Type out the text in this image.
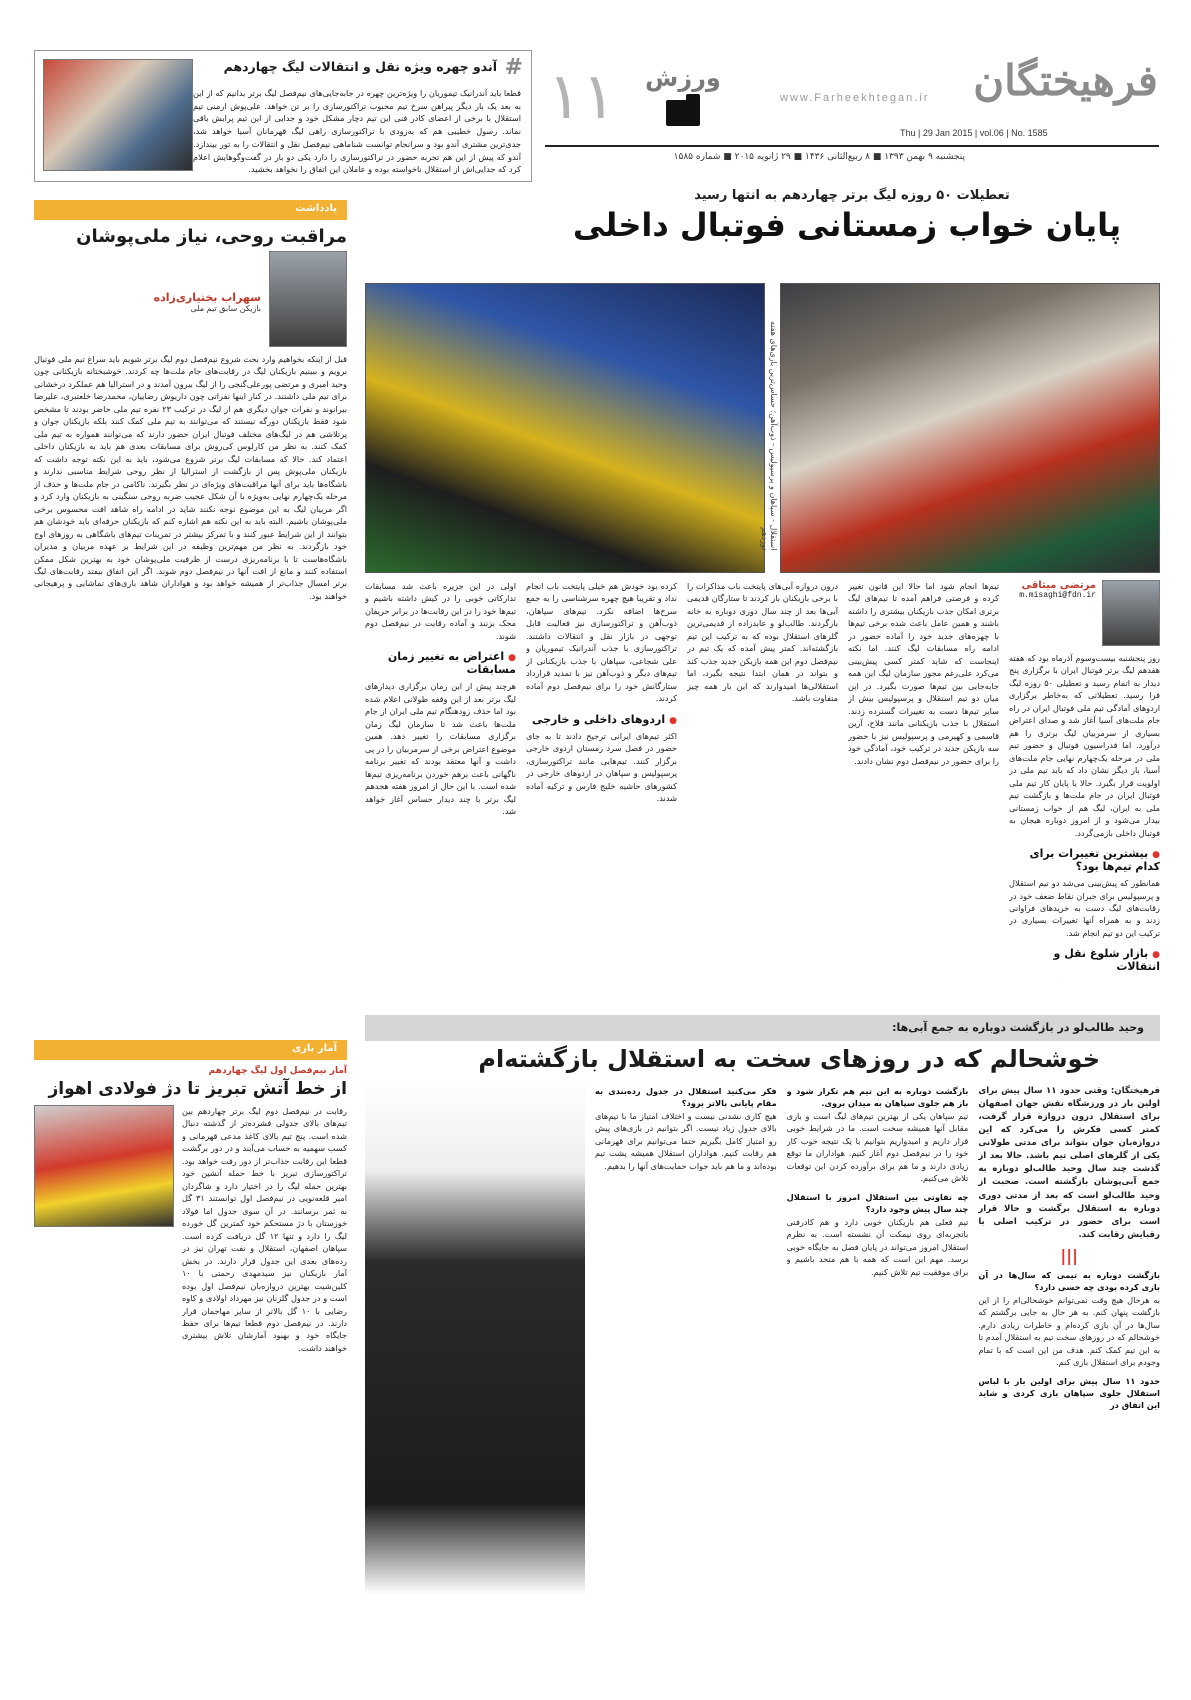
فرهیختگان
www.Farheekhtegan.ir
ورزش
۱۱	Thu | 29 Jan 2015 | vol.06 | No. 1585
پنجشنبه ۹ بهمن ۱۳۹۳ ■ ۸ ربیع‌الثانی ۱۴۳۶ ■ ۲۹ ژانویه ۲۰۱۵ ■ شماره ۱۵۸۵
#
آندو چهره ویژه نقل و انتقالات لیگ چهاردهم
قطعا باید آندرانیک تیموریان را ویژه‌ترین چهره در جابه‌جایی‌های نیم‌فصل لیگ برتر بدانیم که از این به بعد یک بار دیگر پیراهن سرخ تیم محبوب تراکتورسازی را بر تن خواهد. علی‌پوش ارمنی تیم استقلال با برخی از اعضای کادر فنی این تیم دچار مشکل خود و جدایی از این تیم پرابش باقی نماند. رسول خطیبی هم که به‌زودی با تراکتورسازی راهی لیگ قهرمانان آسیا خواهد شد، جدی‌ترین مشتری آندو بود و سرانجام توانست شناماهی نیم‌فصل نقل و انتقالات را به تور بیندازد. آندو که پیش از این هم تجربه حضور در تراکتورسازی را دارد یکی دو بار در گفت‌وگوهایش اعلام کرد که جدایی‌اش از استقلال ناخواسته بوده و عاملان این اتفاق را نخواهد بخشید.
تعطیلات ۵۰ روزه لیگ برتر چهاردهم به انتها رسید
پایان خواب زمستانی فوتبال داخلی
استقلال - سپاهان و پرسپولیس - ذوب‌آهن؛ حساس‌ترین بازی‌های هفته نوزدهم
مرتضی میثاقی
m.misaghi@fdn.ir
روز پنجشنبه بیست‌وسوم آذرماه بود که هفته هفدهم لیگ برتر فوتبال ایران با برگزاری پنج دیدار به اتمام رسید و تعطیلی ۵۰ روزه لیگ فرا رسید. تعطیلاتی که به‌خاطر برگزاری اردوهای آمادگی تیم ملی فوتبال ایران در راه جام ملت‌های آسیا آغاز شد و صدای اعتراض بسیاری از سرمربیان لیگ برتری را هم درآورد. اما فدراسیون فوتبال و حضور تیم ملی در مرحله یک‌چهارم نهایی جام ملت‌های آسیا، بار دیگر نشان داد که باید تیم ملی در اولویت قرار بگیرد. حالا با پایان کار تیم ملی فوتبال ایران در جام ملت‌ها و بازگشت تیم ملی به ایران، لیگ هم از خواب زمستانی بیدار می‌شود و از امروز دوباره هیجان به فوتبال داخلی بازمی‌گردد.
● بیشترین تغییرات برای کدام تیم‌ها بود؟
همانطور که پیش‌بینی می‌شد دو تیم استقلال و پرسپولیس برای جبران نقاط ضعف خود در رقابت‌های لیگ دست به خریدهای فراوانی زدند و به همراه آنها تغییرات بسیاری در ترکیب این دو تیم انجام شد.
● بازار شلوغ نقل و انتقالات
تیم‌ها انجام شود اما حالا این قانون تغییر کرده و فرصتی فراهم آمده تا تیم‌های لیگ برتری امکان جذب بازیکنان بیشتری را داشته باشند و همین عامل باعث شده برخی تیم‌ها با چهره‌های جدید خود را آماده حضور در ادامه راه مسابقات لیگ کنند. اما نکته اینجاست که شاید کمتر کسی پیش‌بینی می‌کرد علی‌رغم مجوز سازمان لیگ این همه جابه‌جایی بین تیم‌ها صورت بگیرد. در این میان دو تیم استقلال و پرسپولیس بیش از سایر تیم‌ها دست به تغییرات گسترده زدند. استقلال با جذب بازیکنانی مانند فلاح، آرین قاسمی و کهیرمی و پرسپولیس نیز با حضور سه بازیکن جدید در ترکیب خود، آمادگی خود را برای حضور در نیم‌فصل دوم نشان دادند.
درون دروازه آبی‌های پایتخت باب مذاکرات را با برخی بازیکنان باز کردند تا ستارگان قدیمی آبی‌ها بعد از چند سال دوری دوباره به خانه بازگردند. طالب‌لو و عابدزاده از قدیمی‌ترین گلرهای استقلال بوده که به ترکیب این تیم بازگشته‌اند. کمتر پیش آمده که یک تیم در نیم‌فصل دوم این همه بازیکن جدید جذب کند و بتواند در همان ابتدا نتیجه بگیرد، اما استقلالی‌ها امیدوارند که این بار همه چیز متفاوت باشد.
کرده بود خودش هم خیلی پایتخت باب انجام نداد و تقریبا هیچ چهره سرشناسی را به جمع سرخ‌ها اضافه نکرد. تیم‌های سپاهان، ذوب‌آهن و تراکتورسازی نیز فعالیت قابل توجهی در بازار نقل و انتقالات داشتند. تراکتورسازی با جذب آندرانیک تیموریان و علی شجاعی، سپاهان با جذب بازیکنانی از تیم‌های دیگر و ذوب‌آهن نیز با تمدید قرارداد ستارگانش خود را برای نیم‌فصل دوم آماده کردند.
● اردوهای داخلی و خارجی
اکثر تیم‌های ایرانی ترجیح دادند تا به جای حضور در فصل سرد زمستان اردوی خارجی برگزار کنند. تیم‌هایی مانند تراکتورسازی، پرسپولیس و سپاهان در اردوهای خارجی در کشورهای حاشیه خلیج فارس و ترکیه آماده شدند.
اولی در این جزیره باعث شد مسابقات تدارکاتی خوبی را در کیش داشته باشیم و تیم‌ها خود را در این رقابت‌ها در برابر حریفان محک بزنند و آماده رقابت در نیم‌فصل دوم شوند.
● اعتراض به تغییر زمان مسابقات
هرچند پیش از این زمان برگزاری دیدارهای لیگ برتر بعد از این وقفه طولانی اعلام شده بود اما حذف زودهنگام تیم ملی ایران از جام ملت‌ها باعث شد تا سازمان لیگ زمان برگزاری مسابقات را تغییر دهد. همین موضوع اعتراض برخی از سرمربیان را در پی داشت و آنها معتقد بودند که تغییر برنامه ناگهانی باعث برهم خوردن برنامه‌ریزی تیم‌ها شده است. با این حال از امروز هفته هجدهم لیگ برتر با چند دیدار حساس آغاز خواهد شد.
یادداشت
مراقبت روحی، نیاز ملی‌پوشان
سهراب بختیاری‌زاده
بازیکن سابق تیم ملی
قبل از اینکه بخواهیم وارد بحث شروع نیم‌فصل دوم لیگ برتر شویم باید سراغ تیم ملی فوتبال برویم و ببینیم بازیکنان لیگ در رقابت‌های جام ملت‌ها چه کردند. خوشبختانه بازیکنانی چون وحید امیری و مرتضی پورعلی‌گنجی را از لیگ بیرون آمدند و در استرالیا هم عملکرد درخشانی برای تیم ملی داشتند. در کنار اینها نفراتی چون داریوش رضاییان، محمدرضا خلعتبری، علیرضا بیرانوند و نفرات جوان دیگری هم از لیگ در ترکیب ۲۳ نفره تیم ملی حاضر بودند تا مشخص شود فقط بازیکنان دورگه نیستند که می‌توانند به تیم ملی کمک کنند بلکه بازیکنان جوان و پرتلاشی هم در لیگ‌های مختلف فوتبال ایران حضور دارند که می‌توانند همواره به تیم ملی کمک کنند. به نظر من کارلوس کی‌روش برای مسابقات بعدی هم باید به بازیکنان داخلی اعتماد کند. حالا که مسابقات لیگ برتر شروع می‌شود، باید به این نکته توجه داشت که بازیکنان ملی‌پوش پس از بازگشت از استرالیا از نظر روحی شرایط مناسبی ندارند و باشگاه‌ها باید برای آنها مراقبت‌های ویژه‌ای در نظر بگیرند. ناکامی در جام ملت‌ها و حذف از مرحله یک‌چهارم نهایی به‌ویژه با آن شکل عجیب ضربه روحی سنگینی به بازیکنان وارد کرد و اگر مربیان لیگ به این موضوع توجه نکنند شاید در ادامه راه شاهد افت محسوس برخی ملی‌پوشان باشیم. البته باید به این نکته هم اشاره کنم که بازیکنان حرفه‌ای باید خودشان هم بتوانند از این شرایط عبور کنند و با تمرکز بیشتر در تمرینات تیم‌های باشگاهی به روزهای اوج خود بازگردند. به نظر من مهم‌ترین وظیفه در این شرایط بر عهده مربیان و مدیران باشگاه‌هاست تا با برنامه‌ریزی درست از ظرفیت ملی‌پوشان خود به بهترین شکل ممکن استفاده کنند و مانع از افت آنها در نیم‌فصل دوم شوند. اگر این اتفاق بیفتد رقابت‌های لیگ برتر امسال جذاب‌تر از همیشه خواهد بود و هواداران شاهد بازی‌های تماشایی و پرهیجانی خواهند بود.
آمار بازی
آمار نیم‌فصل اول لیگ چهاردهم
از خط آتش تبریز تا دژ فولادی اهواز
رقابت در نیم‌فصل دوم لیگ برتر چهاردهم بین تیم‌های بالای جدولی فشرده‌تر از گذشته دنبال شده است. پنج تیم بالای کاغذ مدعی قهرمانی و کسب سهمیه به حساب می‌آیند و در دور برگشت قطعا این رقابت جذاب‌تر از دور رفت خواهد بود. تراکتورسازی تبریز با خط حمله آتشین خود بهترین حمله لیگ را در اختیار دارد و شاگردان امیر قلعه‌نویی در نیم‌فصل اول توانستند ۳۱ گل به ثمر برسانند. در آن سوی جدول اما فولاد خوزستان با دژ مستحکم خود کمترین گل خورده لیگ را دارد و تنها ۱۲ گل دریافت کرده است. سپاهان اصفهان، استقلال و نفت تهران نیز در رده‌های بعدی این جدول قرار دارند. در بخش آمار بازیکنان نیز سیدمهدی رحمتی با ۱۰ کلین‌شیت بهترین دروازه‌بان نیم‌فصل اول بوده است و در جدول گلزنان نیز مهرداد اولادی و کاوه رضایی با ۱۰ گل بالاتر از سایر مهاجمان قرار دارند. در نیم‌فصل دوم قطعا تیم‌ها برای حفظ جایگاه خود و بهبود آمارشان تلاش بیشتری خواهند داشت.
وحید طالب‌لو در بازگشت دوباره به جمع آبی‌ها:
خوشحالم که در روزهای سخت به استقلال بازگشته‌ام
فرهیختگان: وقتی حدود ۱۱ سال پیش برای اولین بار در ورزشگاه نقش جهان اصفهان برای استقلال درون دروازه قرار گرفت، کمتر کسی فکرش را می‌کرد که این دروازه‌بان جوان بتواند برای مدتی طولانی یکی از گلرهای اصلی تیم باشد. حالا بعد از گذشت چند سال وحید طالب‌لو دوباره به جمع آبی‌پوشان بازگشته است. صحبت از وحید طالب‌لو است که بعد از مدتی دوری دوباره به استقلال برگشت و حالا قرار است برای حضور در ترکیب اصلی با رقبایش رقابت کند.
|||
بازگشت دوباره به تیمی که سال‌ها در آن بازی کرده بودی چه حسی دارد؟
به هرحال هیچ وقت نمی‌توانم خوشحالی‌ام را از این بازگشت پنهان کنم. به هر حال به جایی برگشتم که سال‌ها در آن بازی کرده‌ام و خاطرات زیادی دارم. خوشحالم که در روزهای سخت تیم به استقلال آمدم تا به این تیم کمک کنم. هدف من این است که با تمام وجودم برای استقلال بازی کنم.
حدود ۱۱ سال پیش برای اولین بار با لباس استقلال جلوی سپاهان بازی کردی و شاید این اتفاق در
بازگشت دوباره به این تیم هم تکرار شود و باز هم جلوی سپاهان به میدان بروی.
تیم سپاهان یکی از بهترین تیم‌های لیگ است و بازی مقابل آنها همیشه سخت است. ما در شرایط خوبی قرار داریم و امیدواریم بتوانیم با یک نتیجه خوب کار خود را در نیم‌فصل دوم آغاز کنیم. هواداران ما توقع زیادی دارند و ما هم برای برآورده کردن این توقعات تلاش می‌کنیم.
چه تفاوتی بین استقلال امروز با استقلال چند سال پیش وجود دارد؟
تیم فعلی هم بازیکنان خوبی دارد و هم کادرفنی باتجربه‌ای روی نیمکت آن نشسته است. به نظرم استقلال امروز می‌تواند در پایان فصل به جایگاه خوبی برسد. مهم این است که همه با هم متحد باشیم و برای موفقیت تیم تلاش کنیم.
فکر می‌کنید استقلال در جدول رده‌بندی به مقام پایانی بالاتر برود؟
هیچ کاری نشدنی نیست و اختلاف امتیاز ما با تیم‌های بالای جدول زیاد نیست. اگر بتوانیم در بازی‌های پیش رو امتیاز کامل بگیریم حتما می‌توانیم برای قهرمانی هم رقابت کنیم. هواداران استقلال همیشه پشت تیم بوده‌اند و ما هم باید جواب حمایت‌های آنها را بدهیم.
